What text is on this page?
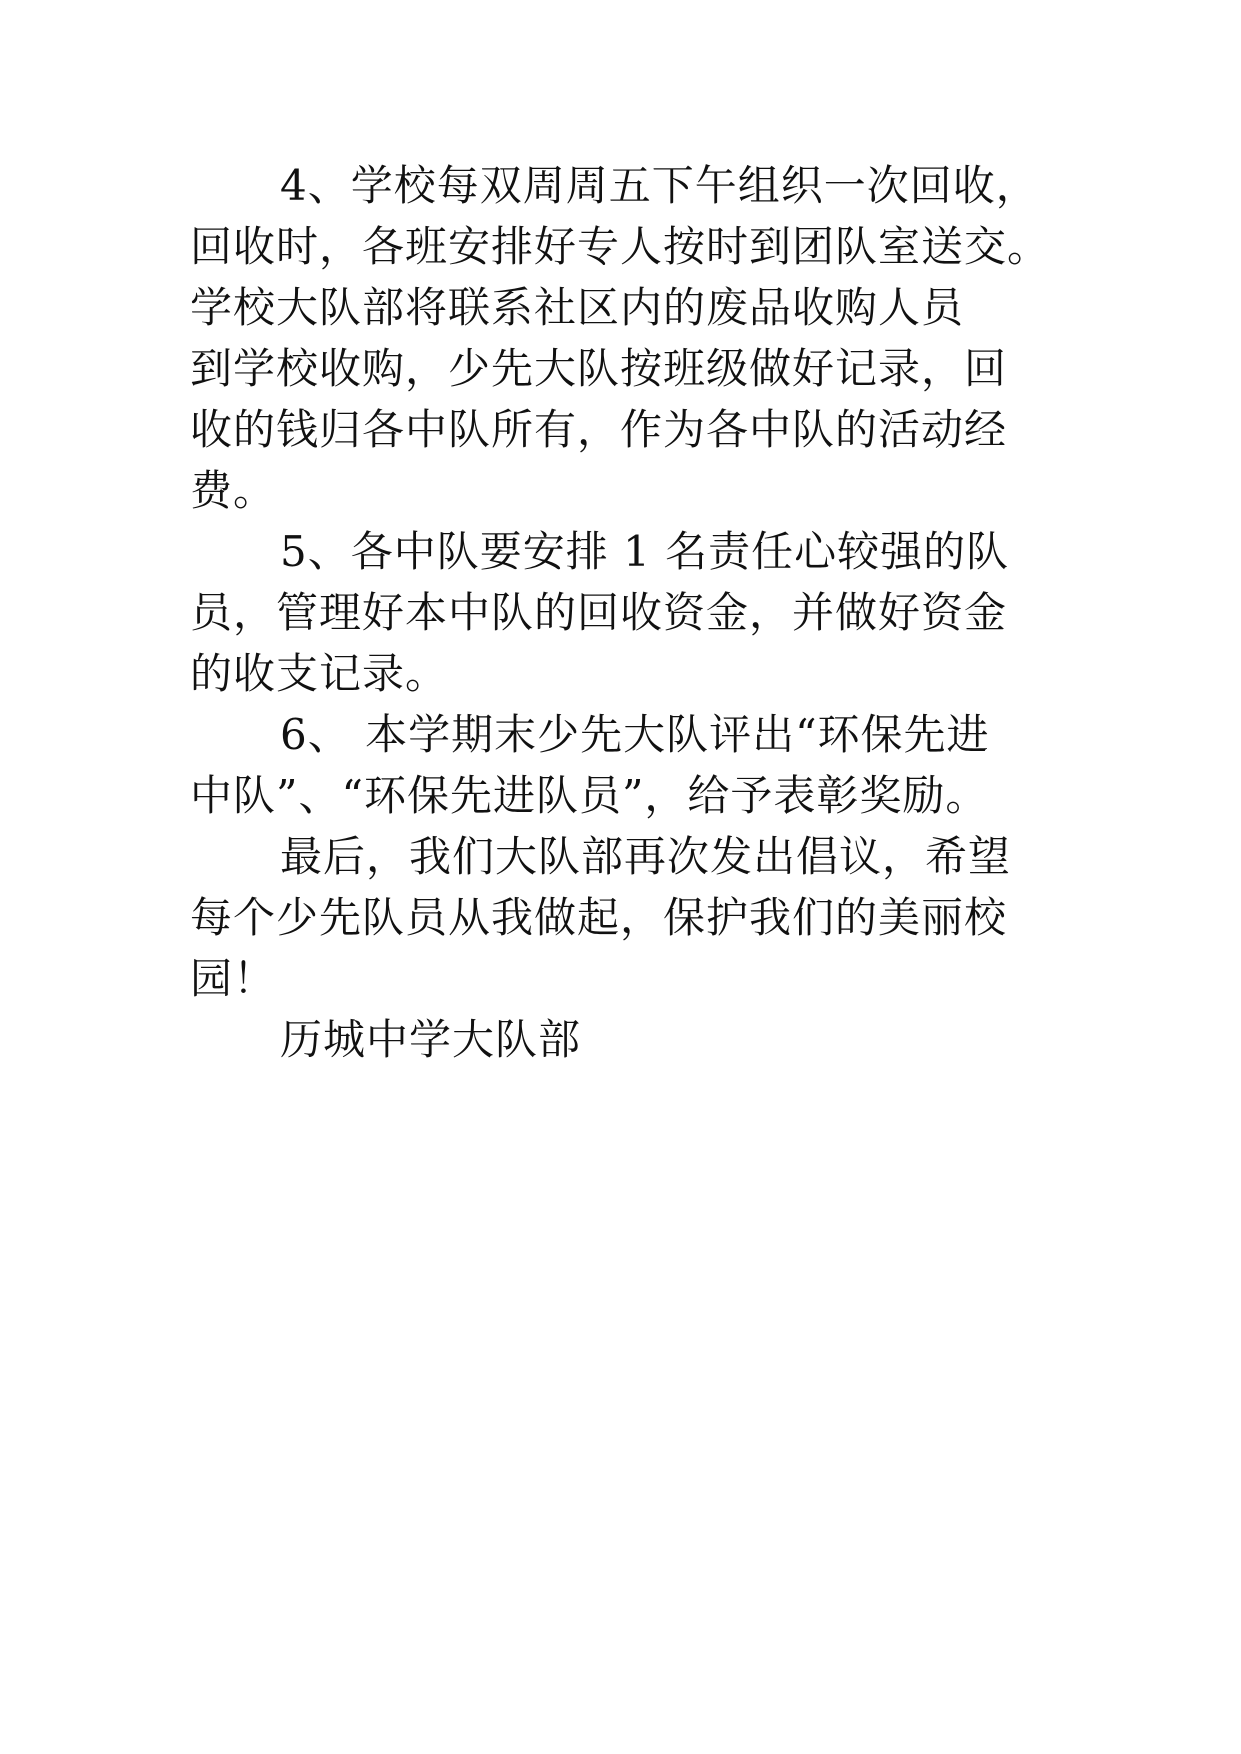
4、学校每双周周五下午组织一次回收，
回收时，各班安排好专人按时到团队室送交。
学校大队部将联系社区内的废品收购人员
到学校收购，少先大队按班级做好记录，回
收的钱归各中队所有，作为各中队的活动经
费。
5、各中队要安排 1 名责任心较强的队
员，管理好本中队的回收资金，并做好资金
的收支记录。
6、 本学期末少先大队评出“环保先进
中队”、“环保先进队员”，给予表彰奖励。
最后，我们大队部再次发出倡议，希望
每个少先队员从我做起，保护我们的美丽校
园！
历城中学大队部
